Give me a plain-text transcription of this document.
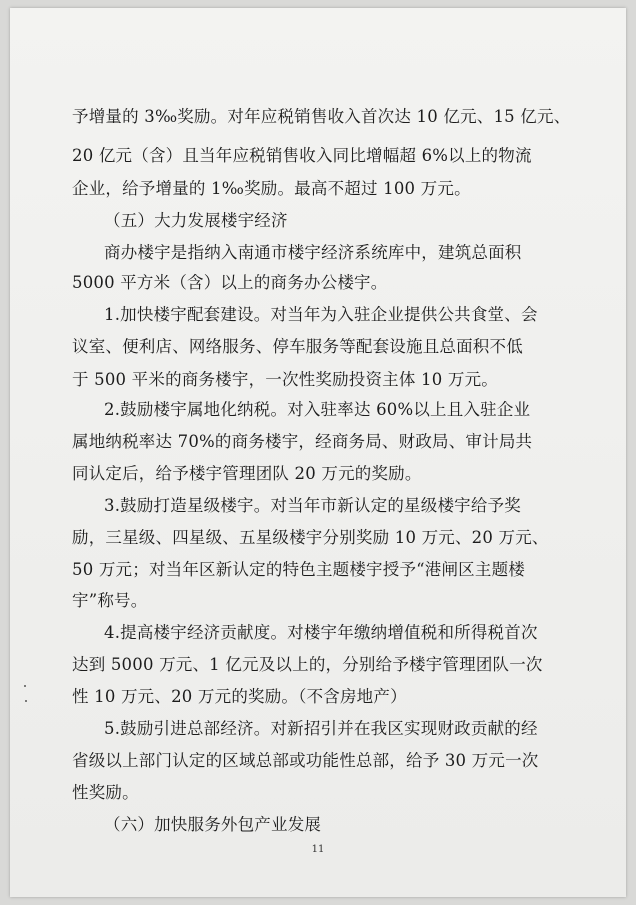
予增量的 3‰奖励。对年应税销售收入首次达 10 亿元、15 亿元、
20 亿元（含）且当年应税销售收入同比增幅超 6%以上的物流
企业，给予增量的 1‰奖励。最高不超过 100 万元。
（五）大力发展楼宇经济
商办楼宇是指纳入南通市楼宇经济系统库中，建筑总面积
5000 平方米（含）以上的商务办公楼宇。
1.加快楼宇配套建设。对当年为入驻企业提供公共食堂、会
议室、便利店、网络服务、停车服务等配套设施且总面积不低
于 500 平米的商务楼宇，一次性奖励投资主体 10 万元。
2.鼓励楼宇属地化纳税。对入驻率达 60%以上且入驻企业
属地纳税率达 70%的商务楼宇，经商务局、财政局、审计局共
同认定后，给予楼宇管理团队 20 万元的奖励。
3.鼓励打造星级楼宇。对当年市新认定的星级楼宇给予奖
励，三星级、四星级、五星级楼宇分别奖励 10 万元、20 万元、
50 万元；对当年区新认定的特色主题楼宇授予“港闸区主题楼
宇”称号。
4.提高楼宇经济贡献度。对楼宇年缴纳增值税和所得税首次
达到 5000 万元、1 亿元及以上的，分别给予楼宇管理团队一次
性 10 万元、20 万元的奖励。（不含房地产）
5.鼓励引进总部经济。对新招引并在我区实现财政贡献的经
省级以上部门认定的区域总部或功能性总部，给予 30 万元一次
性奖励。
（六）加快服务外包产业发展
11
